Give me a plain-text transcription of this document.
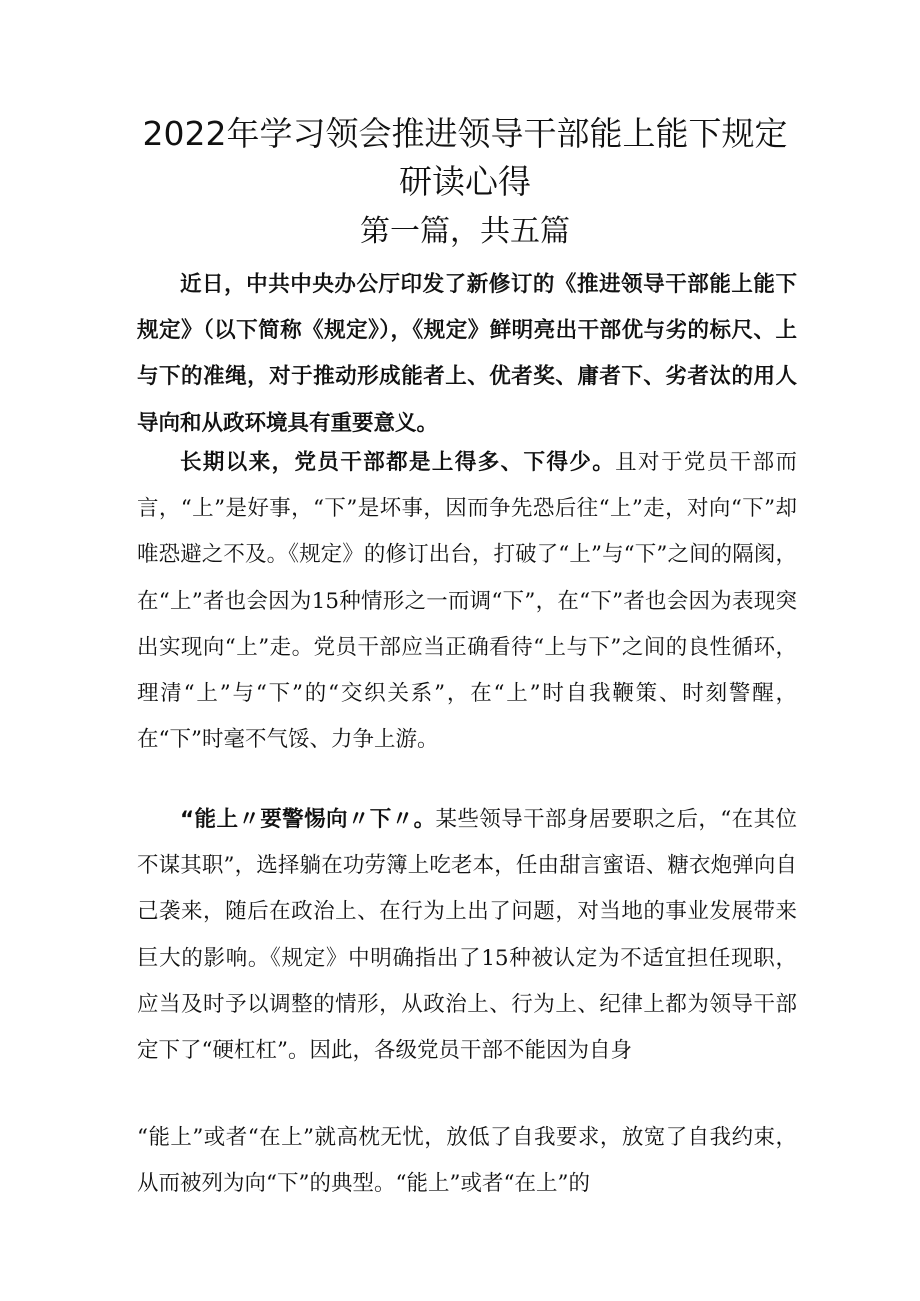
2022年学习领会推进领导干部能上能下规定
研读心得
第一篇，共五篇

近日，中共中央办公厅印发了新修订的《推进领导干部能上能下规定》（以下简称《规定》），《规定》鲜明亮出干部优与劣的标尺、上与下的准绳，对于推动形成能者上、优者奖、庸者下、劣者汰的用人导向和从政环境具有重要意义。

长期以来，党员干部都是上得多、下得少。且对于党员干部而言，“上”是好事，“下”是坏事，因而争先恐后往“上”走，对向“下”却唯恐避之不及。《规定》的修订出台，打破了“上”与“下”之间的隔阂，在“上”者也会因为15种情形之一而调“下”，在“下”者也会因为表现突出实现向“上”走。党员干部应当正确看待“上与下”之间的良性循环，理清“上”与“下”的“交织关系”，在“上”时自我鞭策、时刻警醒，在“下”时毫不气馁、力争上游。

“能上〃要警惕向〃下〃。某些领导干部身居要职之后，“在其位不谋其职”，选择躺在功劳簿上吃老本，任由甜言蜜语、糖衣炮弹向自己袭来，随后在政治上、在行为上出了问题，对当地的事业发展带来巨大的影响。《规定》中明确指出了15种被认定为不适宜担任现职，应当及时予以调整的情形，从政治上、行为上、纪律上都为领导干部定下了“硬杠杠”。因此，各级党员干部不能因为自身

“能上”或者“在上”就高枕无忧，放低了自我要求，放宽了自我约束，从而被列为向“下”的典型。“能上”或者“在上”的
